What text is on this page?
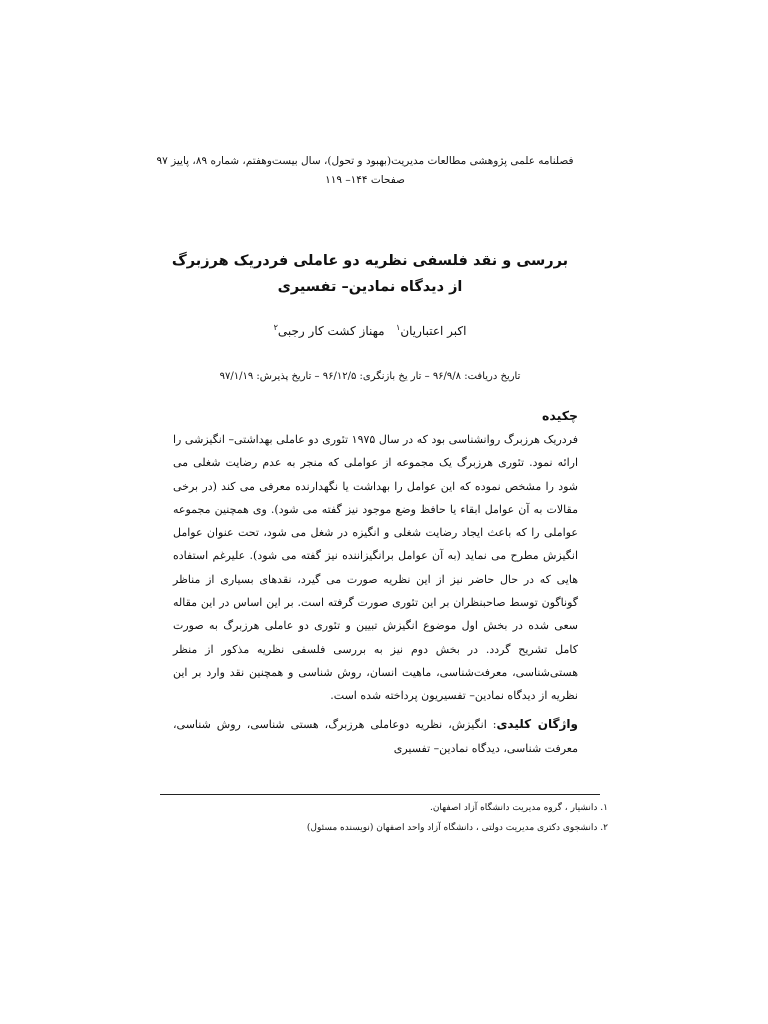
فصلنامه علمی پژوهشی مطالعات مدیریت(بهبود و تحول)، سال بیست‌وهفتم، شماره ۸۹، پاییز ۹۷
صفحات ۱۴۴– ۱۱۹
بررسی و نقد فلسفی نظریه دو عاملی فردریک هرزبرگ
از دیدگاه نمادین– تفسیری
اکبر اعتباریان$^۱$   مهناز کشت کار رجبی$^۲$
تاریخ دریافت: ۹۶/۹/۸ – تار یخ بازنگری: ۹۶/۱۲/۵ – تاریخ پذیرش: ۹۷/۱/۱۹
چکیده
فردریک هرزبرگ روانشناسی بود که در سال ۱۹۷۵ تئوری دو عاملی بهداشتی– انگیزشی را ارائه نمود. تئوری هرزبرگ یک مجموعه از عواملی که منجر به عدم رضایت شغلی می شود را مشخص نموده که این عوامل را بهداشت یا نگهدارنده معرفی می کند (در برخی مقالات به آن عوامل ابقاء یا حافظ وضع موجود نیز گفته می شود). وی همچنین مجموعه عواملی را که باعث ایجاد رضایت شغلی و انگیزه در شغل می شود، تحت عنوان عوامل انگیزش مطرح می نماید (به آن عوامل برانگیزاننده نیز گفته می شود). علیرغم استفاده هایی که در حال حاضر نیز از این نظریه صورت می گیرد، نقدهای بسیاری از مناظر گوناگون توسط صاحبنظران بر این تئوری صورت گرفته است. بر این اساس در این مقاله سعی شده در بخش اول موضوع انگیزش تبیین و تئوری دو عاملی هرزبرگ به صورت کامل تشریح گردد. در بخش دوم نیز به بررسی فلسفی نظریه مذکور از منظر هستی‌شناسی، معرفت‌شناسی، ماهیت انسان، روش شناسی و همچنین نقد وارد بر این نظریه از دیدگاه نمادین– تفسیریون پرداخته شده است.
واژگان کلیدی: انگیزش، نظریه دوعاملی هرزبرگ، هستی شناسی، روش شناسی، معرفت شناسی، دیدگاه نمادین– تفسیری
۱. دانشیار ، گروه مدیریت دانشگاه آزاد اصفهان.
۲. دانشجوی دکتری مدیریت دولتی ، دانشگاه آزاد واحد اصفهان (نویسنده مسئول)
